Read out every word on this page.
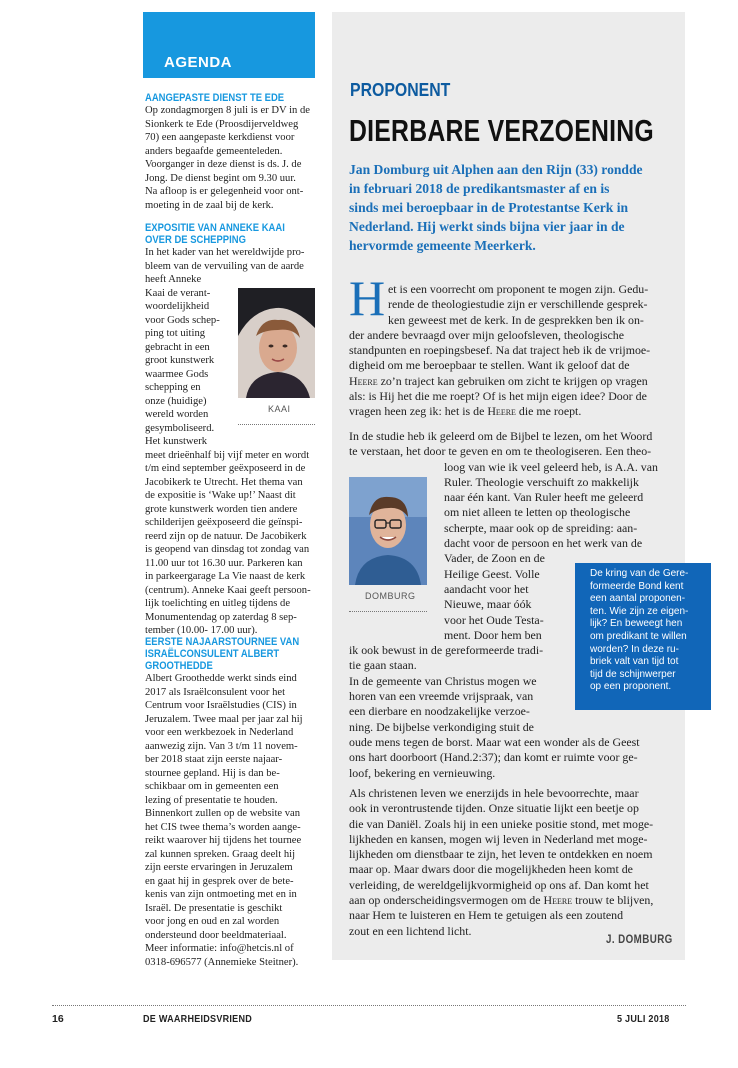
AGENDA
AANGEPASTE DIENST TE EDE
Op zondagmorgen 8 juli is er DV in de
Sionkerk te Ede (Proosdijerveldweg
70) een aangepaste kerkdienst voor
anders begaafde gemeenteleden.
Voorganger in deze dienst is ds. J. de
Jong. De dienst begint om 9.30 uur.
Na afloop is er gelegenheid voor ont-
moeting in de zaal bij de kerk.
EXPOSITIE VAN ANNEKE KAAI
OVER DE SCHEPPING
In het kader van het wereldwijde pro-
bleem van de vervuiling van de aarde
heeft Anneke
Kaai de verant-
woordelijkheid
voor Gods schep-
ping tot uiting
gebracht in een
groot kunstwerk
waarmee Gods
schepping en
onze (huidige)
wereld worden
gesymboliseerd.
Het kunstwerk
meet drieënhalf bij vijf meter en wordt
t/m eind september geëxposeerd in de
Jacobikerk te Utrecht. Het thema van
de expositie is ‘Wake up!’ Naast dit
grote kunstwerk worden tien andere
schilderijen geëxposeerd die geïnspi-
reerd zijn op de natuur. De Jacobikerk
is geopend van dinsdag tot zondag van
11.00 uur tot 16.30 uur. Parkeren kan
in parkeergarage La Vie naast de kerk
(centrum). Anneke Kaai geeft persoon-
lijk toelichting en uitleg tijdens de
Monumentendag op zaterdag 8 sep-
tember (10.00- 17.00 uur).
KAAI
EERSTE NAJAARSTOURNEE VAN
ISRAËLCONSULENT ALBERT
GROOTHEDDE
Albert Groothedde werkt sinds eind
2017 als Israëlconsulent voor het
Centrum voor Israëlstudies (CIS) in
Jeruzalem. Twee maal per jaar zal hij
voor een werkbezoek in Nederland
aanwezig zijn. Van 3 t/m 11 novem-
ber 2018 staat zijn eerste najaar-
stournee gepland. Hij is dan be-
schikbaar om in gemeenten een
lezing of presentatie te houden.
Binnenkort zullen op de website van
het CIS twee thema’s worden aange-
reikt waarover hij tijdens het tournee
zal kunnen spreken. Graag deelt hij
zijn eerste ervaringen in Jeruzalem
en gaat hij in gesprek over de bete-
kenis van zijn ontmoeting met en in
Israël. De presentatie is geschikt
voor jong en oud en zal worden
ondersteund door beeldmateriaal.
Meer informatie: info@hetcis.nl of
0318-696577 (Annemieke Steitner).
PROPONENT
DIERBARE VERZOENING
Jan Domburg uit Alphen aan den Rijn (33) rondde
in februari 2018 de predikantsmaster af en is
sinds mei beroepbaar in de Protestantse Kerk in
Nederland. Hij werkt sinds bijna vier jaar in de
hervormde gemeente Meerkerk.
H et is een voorrecht om proponent te mogen zijn. Gedu-
rende de theologiestudie zijn er verschillende gesprek-
ken geweest met de kerk. In de gesprekken ben ik on-
der andere bevraagd over mijn geloofsleven, theologische
standpunten en roepingsbesef. Na dat traject heb ik de vrijmoe-
digheid om me beroepbaar te stellen. Want ik geloof dat de
Heere zo’n traject kan gebruiken om zicht te krijgen op vragen
als: is Hij het die me roept? Of is het mijn eigen idee? Door de
vragen heen zeg ik: het is de Heere die me roept.
In de studie heb ik geleerd om de Bijbel te lezen, om het Woord
te verstaan, het door te geven en om te theologiseren. Een theo-
loog van wie ik veel geleerd heb, is A.A. van
Ruler. Theologie verschuift zo makkelijk
naar één kant. Van Ruler heeft me geleerd
om niet alleen te letten op theologische
scherpte, maar ook op de spreiding: aan-
dacht voor de persoon en het werk van de
Vader, de Zoon en de
Heilige Geest. Volle
aandacht voor het
Nieuwe, maar óók
voor het Oude Testa-
ment. Door hem ben
ik ook bewust in de gereformeerde tradi-
tie gaan staan.
In de gemeente van Christus mogen we
horen van een vreemde vrijspraak, van
een dierbare en noodzakelijke verzoe-
ning. De bijbelse verkondiging stuit de
oude mens tegen de borst. Maar wat een wonder als de Geest
ons hart doorboort (Hand.2:37); dan komt er ruimte voor ge-
loof, bekering en vernieuwing.
Als christenen leven we enerzijds in hele bevoorrechte, maar
ook in verontrustende tijden. Onze situatie lijkt een beetje op
die van Daniël. Zoals hij in een unieke positie stond, met moge-
lijkheden en kansen, mogen wij leven in Nederland met moge-
lijkheden om dienstbaar te zijn, het leven te ontdekken en noem
maar op. Maar dwars door die mogelijkheden heen komt de
verleiding, de wereldgelijkvormigheid op ons af. Dan komt het
aan op onderscheidingsvermogen om de Heere trouw te blijven,
naar Hem te luisteren en Hem te getuigen als een zoutend
zout en een lichtend licht.
DOMBURG
De kring van de Gere-
formeerde Bond kent
een aantal proponen-
ten. Wie zijn ze eigen-
lijk? En beweegt hen
om predikant te willen
worden? In deze ru-
briek valt van tijd tot
tijd de schijnwerper
op een proponent.
J. DOMBURG
16	DE WAARHEIDSVRIEND	5 JULI 2018
